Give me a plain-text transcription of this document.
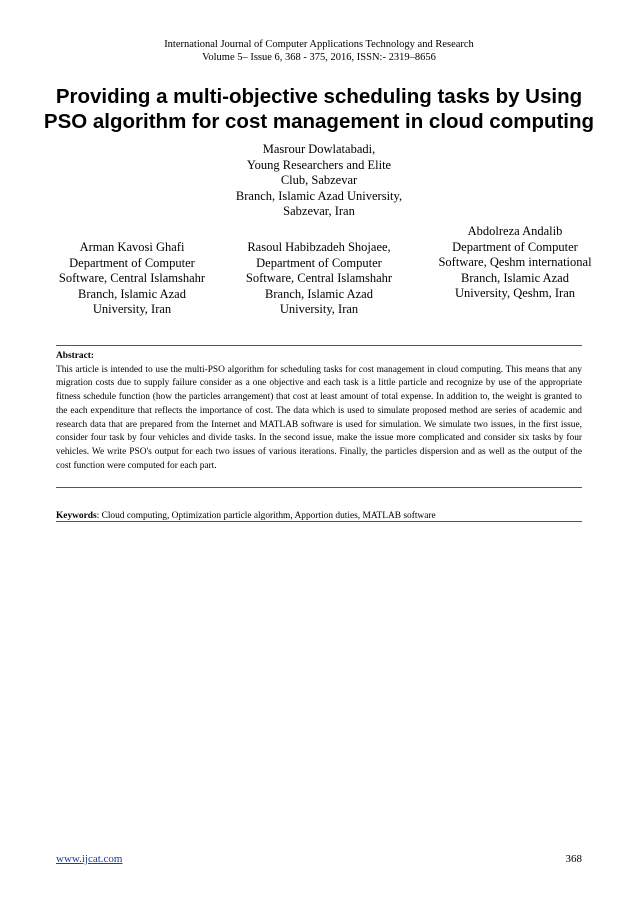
International Journal of Computer Applications Technology and Research
Volume 5– Issue 6, 368 - 375, 2016, ISSN:- 2319–8656
Providing a multi-objective scheduling tasks by Using
PSO algorithm for cost management in cloud computing
Masrour Dowlatabadi,
Young Researchers and Elite
Club, Sabzevar
Branch, Islamic Azad University,
Sabzevar, Iran
Arman Kavosi Ghafi
Department of Computer
Software, Central Islamshahr
Branch, Islamic Azad
University, Iran
Rasoul Habibzadeh Shojaee,
Department of Computer
Software, Central Islamshahr
Branch, Islamic Azad
University, Iran
Abdolreza Andalib
Department of Computer
Software, Qeshm international
Branch, Islamic Azad
University, Qeshm, Iran
Abstract:
This article is intended to use the multi-PSO algorithm for scheduling tasks for cost management in cloud computing. This means that any migration costs due to supply failure consider as a one objective and each task is a little particle and recognize by use of the appropriate fitness schedule function (how the particles arrangement) that cost at least amount of total expense. In addition to, the weight is granted to the each expenditure that reflects the importance of cost. The data which is used to simulate proposed method are series of academic and research data that are prepared from the Internet and MATLAB software is used for simulation. We simulate two issues, in the first issue, consider four task by four vehicles and divide tasks. In the second issue, make the issue more complicated and consider six tasks by four vehicles. We write PSO's output for each two issues of various iterations. Finally, the particles dispersion and as well as the output of the cost function were computed for each part.
Keywords: Cloud computing, Optimization particle algorithm, Apportion duties, MATLAB software
www.ijcat.com	368
